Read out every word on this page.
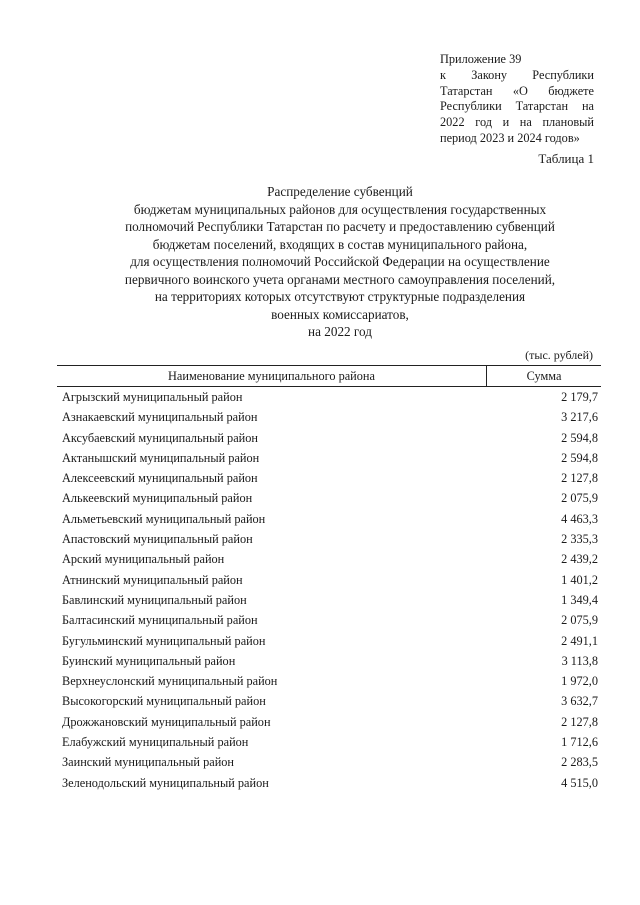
Приложение 39
к Закону Республики
Татарстан «О бюджете
Республики Татарстан на
2022 год и на плановый
период 2023 и 2024 годов»
Таблица 1
Распределение субвенций
бюджетам муниципальных районов для осуществления государственных
полномочий Республики Татарстан по расчету и предоставлению субвенций
бюджетам поселений, входящих в состав муниципального района,
для осуществления полномочий Российской Федерации на осуществление
первичного воинского учета органами местного самоуправления поселений,
на территориях которых отсутствуют структурные подразделения
военных комиссариатов,
на 2022 год
(тыс. рублей)
Наименование муниципального района	Сумма
Агрызский муниципальный район	2 179,7
Азнакаевский муниципальный район	3 217,6
Аксубаевский муниципальный район	2 594,8
Актанышский муниципальный район	2 594,8
Алексеевский муниципальный район	2 127,8
Алькеевский муниципальный район	2 075,9
Альметьевский муниципальный район	4 463,3
Апастовский муниципальный район	2 335,3
Арский муниципальный район	2 439,2
Атнинский муниципальный район	1 401,2
Бавлинский муниципальный район	1 349,4
Балтасинский муниципальный район	2 075,9
Бугульминский муниципальный район	2 491,1
Буинский муниципальный район	3 113,8
Верхнеуслонский муниципальный район	1 972,0
Высокогорский муниципальный район	3 632,7
Дрожжановский муниципальный район	2 127,8
Елабужский муниципальный район	1 712,6
Заинский муниципальный район	2 283,5
Зеленодольский муниципальный район	4 515,0
